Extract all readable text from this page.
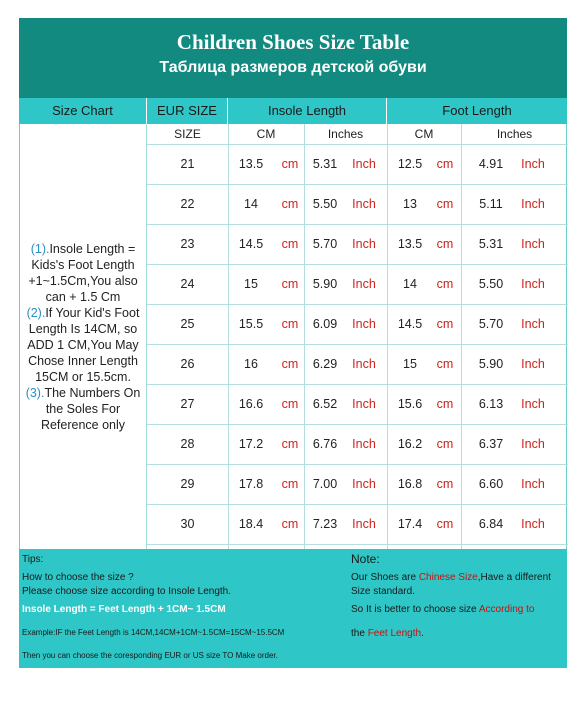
Children Shoes Size Table
Таблица размеров детской обуви
Size Chart	EUR SIZE	Insole Length	Foot Length
(1).Insole Length = Kids's Foot Length +1~1.5Cm,You also can + 1.5 Cm
(2).If Your Kid's Foot Length Is 14CM, so ADD 1 CM,You May Chose Inner Length 15CM or 15.5cm.
(3).The Numbers On the Soles For Reference only
SIZE	CM	Inches	CM	Inches
21	13.5	cm	5.31	Inch	12.5	cm	4.91	Inch
22	14	cm	5.50	Inch	13	cm	5.11	Inch
23	14.5	cm	5.70	Inch	13.5	cm	5.31	Inch
24	15	cm	5.90	Inch	14	cm	5.50	Inch
25	15.5	cm	6.09	Inch	14.5	cm	5.70	Inch
26	16	cm	6.29	Inch	15	cm	5.90	Inch
27	16.6	cm	6.52	Inch	15.6	cm	6.13	Inch
28	17.2	cm	6.76	Inch	16.2	cm	6.37	Inch
29	17.8	cm	7.00	Inch	16.8	cm	6.60	Inch
30	18.4	cm	7.23	Inch	17.4	cm	6.84	Inch
Tips:
How to choose the size ?
Please choose size according to Insole Length.
Insole Length = Feet Length + 1CM~ 1.5CM
Example:IF the Feet Length is 14CM,14CM+1CM~1.5CM=15CM~15.5CM
Then you can choose the coresponding EUR or US size TO Make order.
Note:
Our Shoes are Chinese Size,Have a different
Size standard.
So It is better to choose size According to
the Feet Length.
